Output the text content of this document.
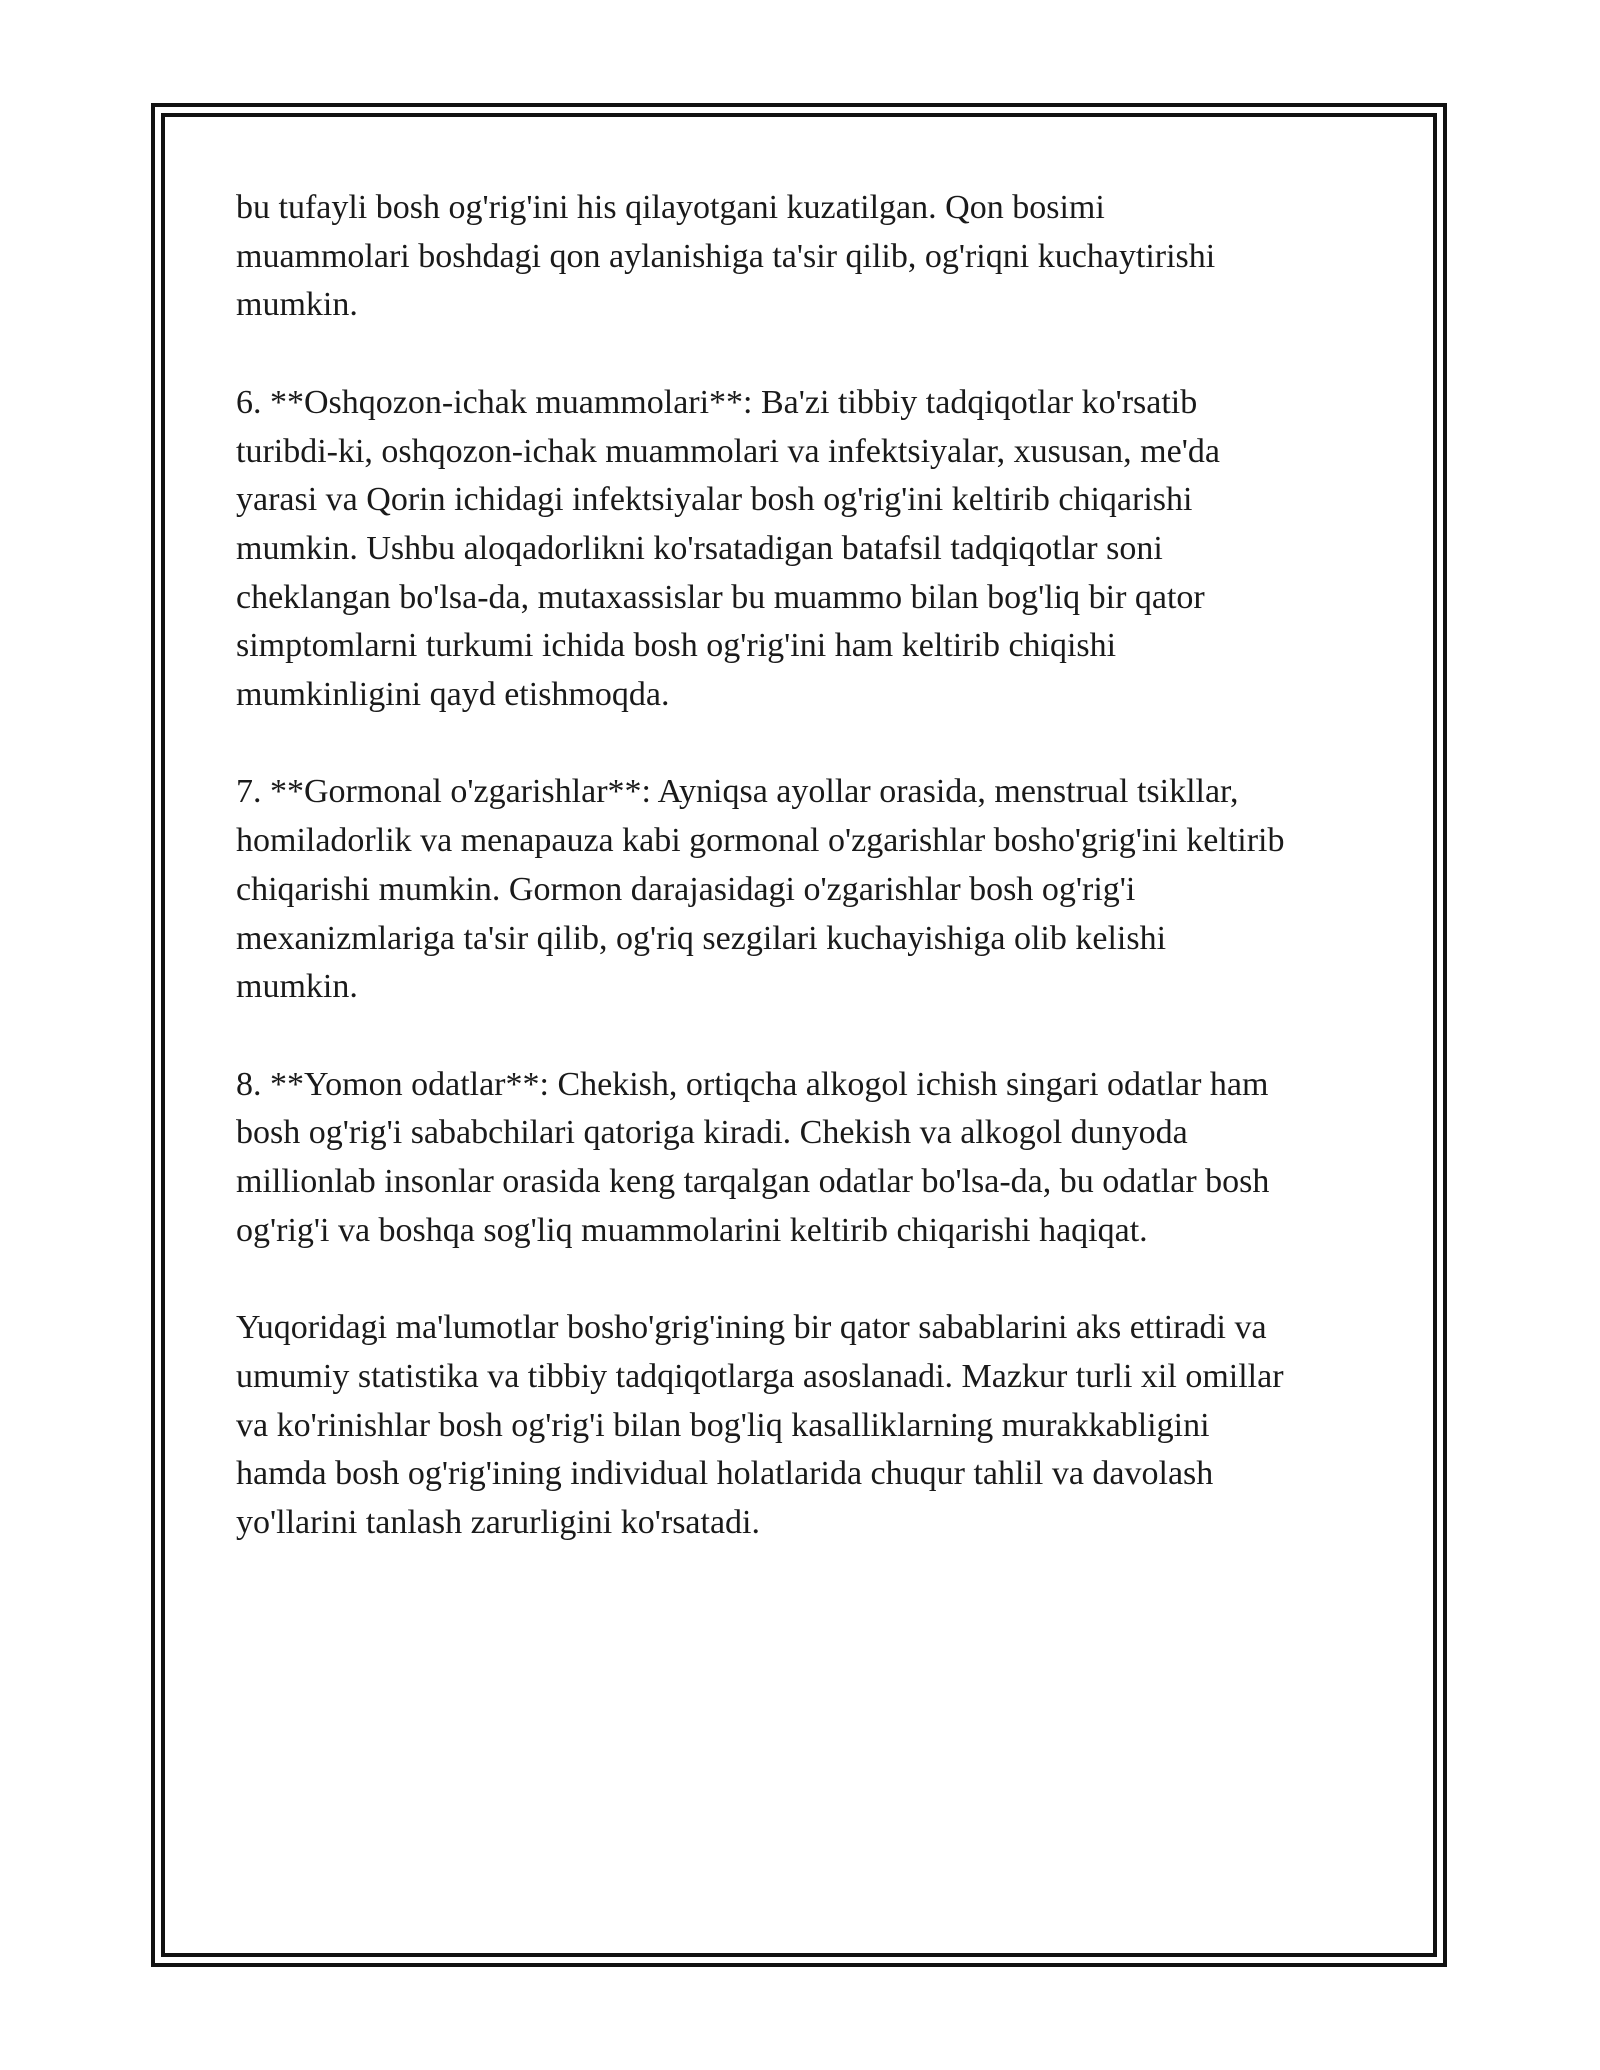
bu tufayli bosh og'rig'ini his qilayotgani kuzatilgan. Qon bosimi
muammolari boshdagi qon aylanishiga ta'sir qilib, og'riqni kuchaytirishi
mumkin.

6. **Oshqozon-ichak muammolari**: Ba'zi tibbiy tadqiqotlar ko'rsatib
turibdi-ki, oshqozon-ichak muammolari va infektsiyalar, xususan, me'da
yarasi va Qorin ichidagi infektsiyalar bosh og'rig'ini keltirib chiqarishi
mumkin. Ushbu aloqadorlikni ko'rsatadigan batafsil tadqiqotlar soni
cheklangan bo'lsa-da, mutaxassislar bu muammo bilan bog'liq bir qator
simptomlarni turkumi ichida bosh og'rig'ini ham keltirib chiqishi
mumkinligini qayd etishmoqda.

7. **Gormonal o'zgarishlar**: Ayniqsa ayollar orasida, menstrual tsikllar,
homiladorlik va menapauza kabi gormonal o'zgarishlar bosho'grig'ini keltirib
chiqarishi mumkin. Gormon darajasidagi o'zgarishlar bosh og'rig'i
mexanizmlariga ta'sir qilib, og'riq sezgilari kuchayishiga olib kelishi
mumkin.

8. **Yomon odatlar**: Chekish, ortiqcha alkogol ichish singari odatlar ham
bosh og'rig'i sababchilari qatoriga kiradi. Chekish va alkogol dunyoda
millionlab insonlar orasida keng tarqalgan odatlar bo'lsa-da, bu odatlar bosh
og'rig'i va boshqa sog'liq muammolarini keltirib chiqarishi haqiqat.

Yuqoridagi ma'lumotlar bosho'grig'ining bir qator sabablarini aks ettiradi va
umumiy statistika va tibbiy tadqiqotlarga asoslanadi. Mazkur turli xil omillar
va ko'rinishlar bosh og'rig'i bilan bog'liq kasalliklarning murakkabligini
hamda bosh og'rig'ining individual holatlarida chuqur tahlil va davolash
yo'llarini tanlash zarurligini ko'rsatadi.
